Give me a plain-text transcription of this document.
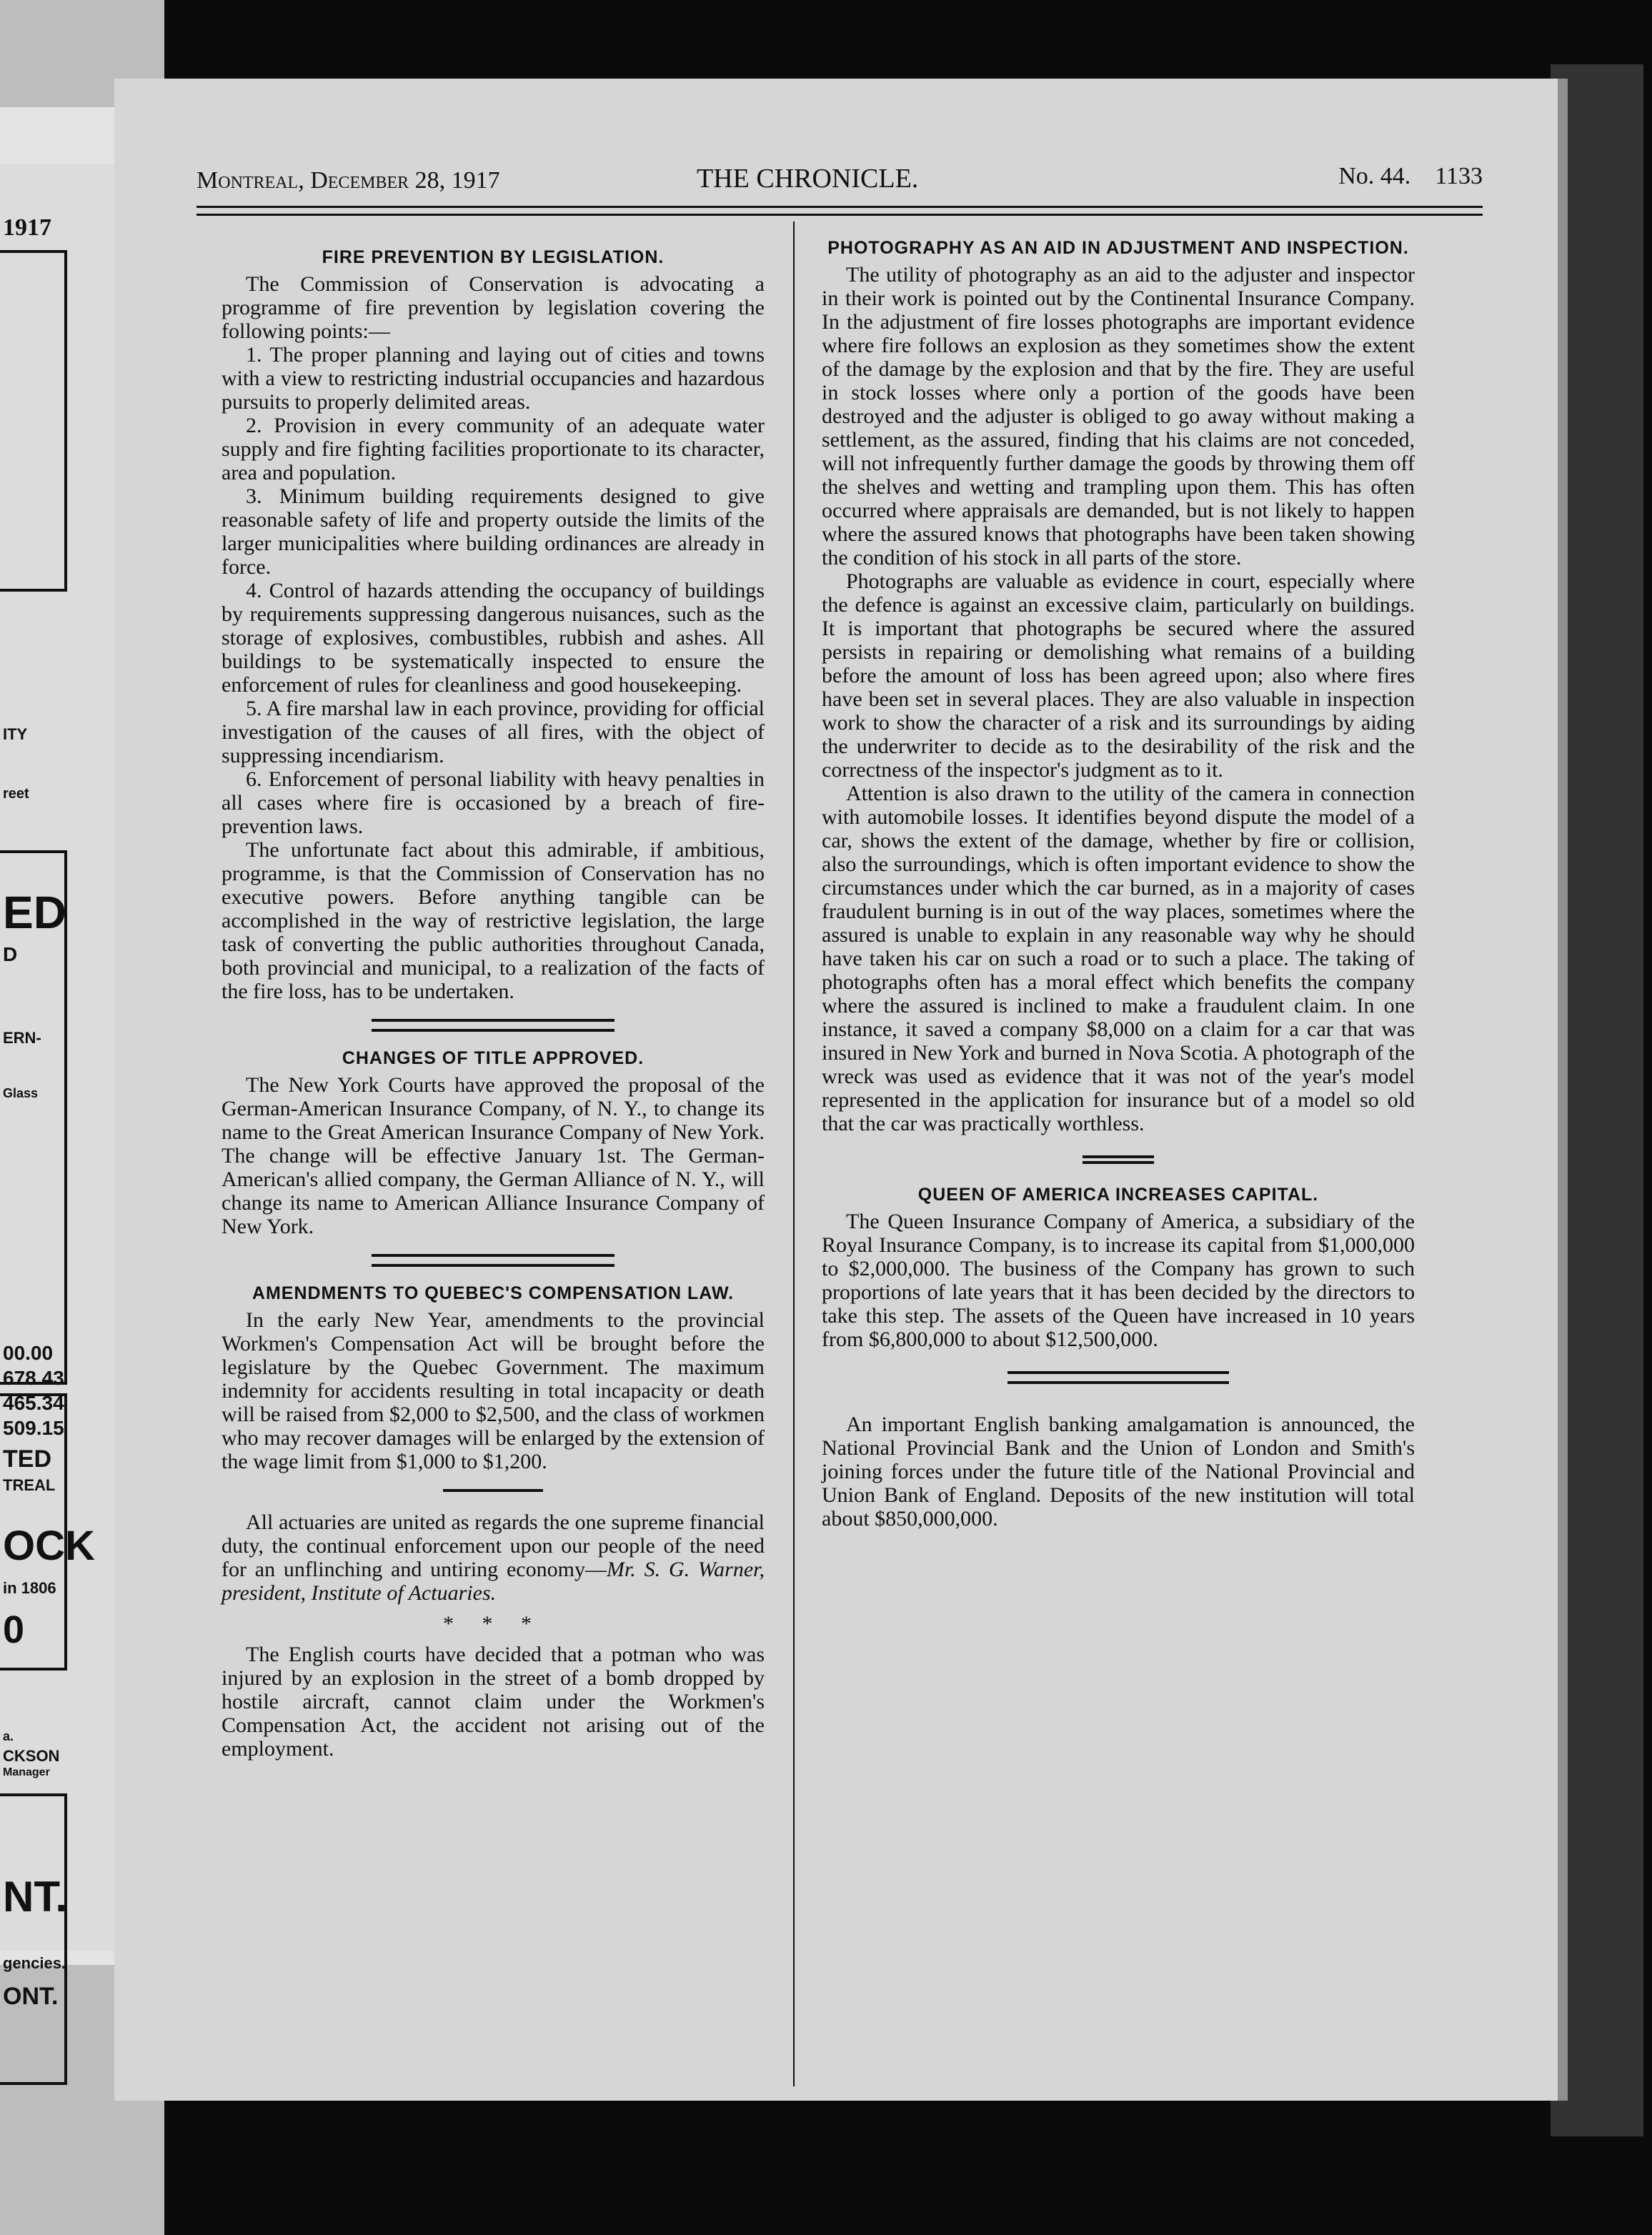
1917
ITY
reet
ED
D
ERN-
Glass
00.00
678.43
465.34
509.15
TED
TREAL
OCK
in 1806
0
a.
CKSON
Manager
NT.
gencies.
ONT.
Montreal, December 28, 1917	THE CHRONICLE.	No. 44. 1133
FIRE PREVENTION BY LEGISLATION.

The Commission of Conservation is advocating a programme of fire prevention by legislation covering the following points:—

1. The proper planning and laying out of cities and towns with a view to restricting industrial occupancies and hazardous pursuits to properly delimited areas.

2. Provision in every community of an adequate water supply and fire fighting facilities proportionate to its character, area and population.

3. Minimum building requirements designed to give reasonable safety of life and property outside the limits of the larger municipalities where building ordinances are already in force.

4. Control of hazards attending the occupancy of buildings by requirements suppressing dangerous nuisances, such as the storage of explosives, combustibles, rubbish and ashes. All buildings to be systematically inspected to ensure the enforcement of rules for cleanliness and good housekeeping.

5. A fire marshal law in each province, providing for official investigation of the causes of all fires, with the object of suppressing incendiarism.

6. Enforcement of personal liability with heavy penalties in all cases where fire is occasioned by a breach of fire-prevention laws.

The unfortunate fact about this admirable, if ambitious, programme, is that the Commission of Conservation has no executive powers. Before anything tangible can be accomplished in the way of restrictive legislation, the large task of converting the public authorities throughout Canada, both provincial and municipal, to a realization of the facts of the fire loss, has to be undertaken.

CHANGES OF TITLE APPROVED.

The New York Courts have approved the proposal of the German-American Insurance Company, of N. Y., to change its name to the Great American Insurance Company of New York. The change will be effective January 1st. The German-American's allied company, the German Alliance of N. Y., will change its name to American Alliance Insurance Company of New York.

AMENDMENTS TO QUEBEC'S COMPENSATION LAW.

In the early New Year, amendments to the provincial Workmen's Compensation Act will be brought before the legislature by the Quebec Government. The maximum indemnity for accidents resulting in total incapacity or death will be raised from $2,000 to $2,500, and the class of workmen who may recover damages will be enlarged by the extension of the wage limit from $1,000 to $1,200.

All actuaries are united as regards the one supreme financial duty, the continual enforcement upon our people of the need for an unflinching and untiring economy—Mr. S. G. Warner, president, Institute of Actuaries.

* * *

The English courts have decided that a potman who was injured by an explosion in the street of a bomb dropped by hostile aircraft, cannot claim under the Workmen's Compensation Act, the accident not arising out of the employment.

PHOTOGRAPHY AS AN AID IN ADJUSTMENT AND INSPECTION.

The utility of photography as an aid to the adjuster and inspector in their work is pointed out by the Continental Insurance Company. In the adjustment of fire losses photographs are important evidence where fire follows an explosion as they sometimes show the extent of the damage by the explosion and that by the fire. They are useful in stock losses where only a portion of the goods have been destroyed and the adjuster is obliged to go away without making a settlement, as the assured, finding that his claims are not conceded, will not infrequently further damage the goods by throwing them off the shelves and wetting and trampling upon them. This has often occurred where appraisals are demanded, but is not likely to happen where the assured knows that photographs have been taken showing the condition of his stock in all parts of the store.

Photographs are valuable as evidence in court, especially where the defence is against an excessive claim, particularly on buildings. It is important that photographs be secured where the assured persists in repairing or demolishing what remains of a building before the amount of loss has been agreed upon; also where fires have been set in several places. They are also valuable in inspection work to show the character of a risk and its surroundings by aiding the underwriter to decide as to the desirability of the risk and the correctness of the inspector's judgment as to it.

Attention is also drawn to the utility of the camera in connection with automobile losses. It identifies beyond dispute the model of a car, shows the extent of the damage, whether by fire or collision, also the surroundings, which is often important evidence to show the circumstances under which the car burned, as in a majority of cases fraudulent burning is in out of the way places, sometimes where the assured is unable to explain in any reasonable way why he should have taken his car on such a road or to such a place. The taking of photographs often has a moral effect which benefits the company where the assured is inclined to make a fraudulent claim. In one instance, it saved a company $8,000 on a claim for a car that was insured in New York and burned in Nova Scotia. A photograph of the wreck was used as evidence that it was not of the year's model represented in the application for insurance but of a model so old that the car was practically worthless.

QUEEN OF AMERICA INCREASES CAPITAL.

The Queen Insurance Company of America, a subsidiary of the Royal Insurance Company, is to increase its capital from $1,000,000 to $2,000,000. The business of the Company has grown to such proportions of late years that it has been decided by the directors to take this step. The assets of the Queen have increased in 10 years from $6,800,000 to about $12,500,000.

An important English banking amalgamation is announced, the National Provincial Bank and the Union of London and Smith's joining forces under the future title of the National Provincial and Union Bank of England. Deposits of the new institution will total about $850,000,000.
